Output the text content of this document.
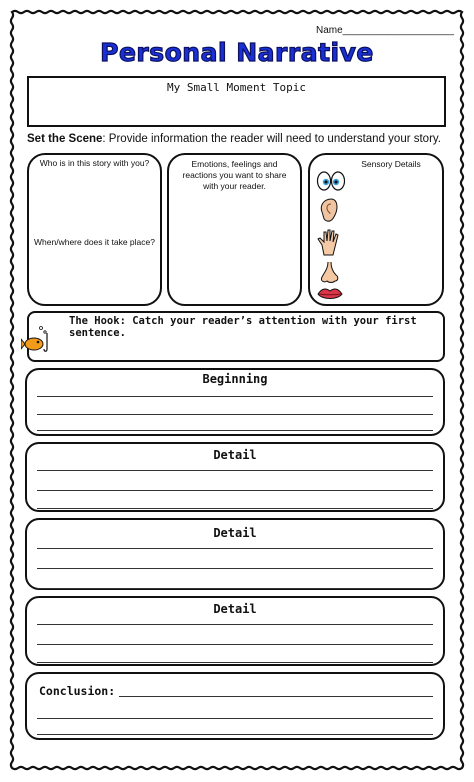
Name____________________
Personal Narrative
My Small Moment Topic
Set the Scene: Provide information the reader will need to understand your story.
Who is in this story with you?
When/where does it take place?
Emotions, feelings and reactions you want to share with your reader.
Sensory Details
The Hook: Catch your reader’s attention with your first sentence.
Beginning
Detail
Detail
Detail
Conclusion:
